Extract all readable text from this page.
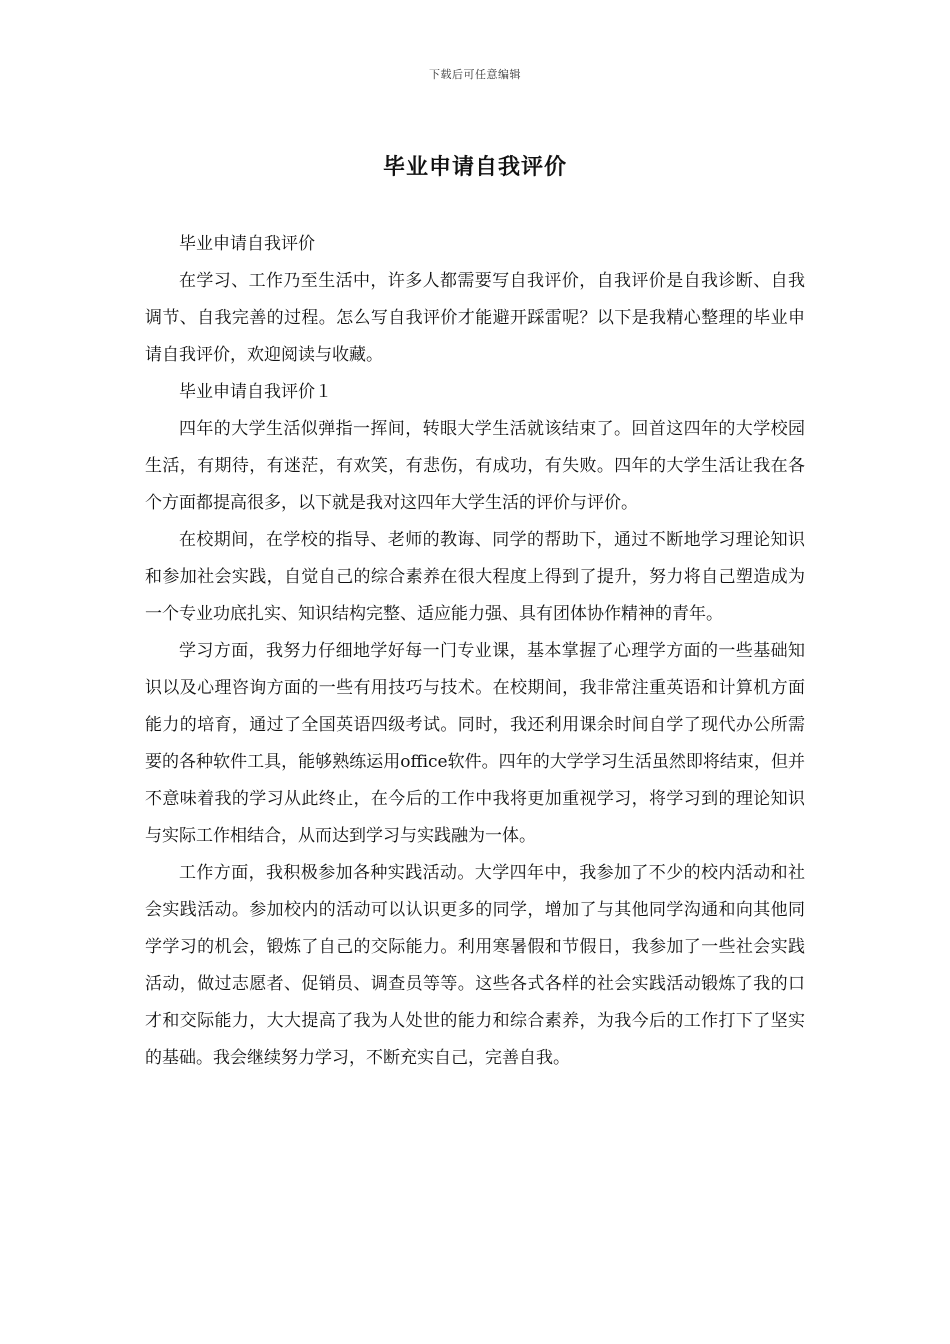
下载后可任意编辑
毕业申请自我评价

毕业申请自我评价

在学习、工作乃至生活中，许多人都需要写自我评价，自我评价是自我诊断、自我调节、自我完善的过程。怎么写自我评价才能避开踩雷呢？以下是我精心整理的毕业申请自我评价，欢迎阅读与收藏。

毕业申请自我评价１

四年的大学生活似弹指一挥间，转眼大学生活就该结束了。回首这四年的大学校园生活，有期待，有迷茫，有欢笑，有悲伤，有成功，有失败。四年的大学生活让我在各个方面都提高很多，以下就是我对这四年大学生活的评价与评价。

在校期间，在学校的指导、老师的教诲、同学的帮助下，通过不断地学习理论知识和参加社会实践，自觉自己的综合素养在很大程度上得到了提升，努力将自己塑造成为一个专业功底扎实、知识结构完整、适应能力强、具有团体协作精神的青年。

学习方面，我努力仔细地学好每一门专业课，基本掌握了心理学方面的一些基础知识以及心理咨询方面的一些有用技巧与技术。在校期间，我非常注重英语和计算机方面能力的培育，通过了全国英语四级考试。同时，我还利用课余时间自学了现代办公所需要的各种软件工具，能够熟练运用office软件。四年的大学学习生活虽然即将结束，但并不意味着我的学习从此终止，在今后的工作中我将更加重视学习，将学习到的理论知识与实际工作相结合，从而达到学习与实践融为一体。

工作方面，我积极参加各种实践活动。大学四年中，我参加了不少的校内活动和社会实践活动。参加校内的活动可以认识更多的同学，增加了与其他同学沟通和向其他同学学习的机会，锻炼了自己的交际能力。利用寒暑假和节假日，我参加了一些社会实践活动，做过志愿者、促销员、调查员等等。这些各式各样的社会实践活动锻炼了我的口才和交际能力，大大提高了我为人处世的能力和综合素养，为我今后的工作打下了坚实的基础。我会继续努力学习，不断充实自己，完善自我。
